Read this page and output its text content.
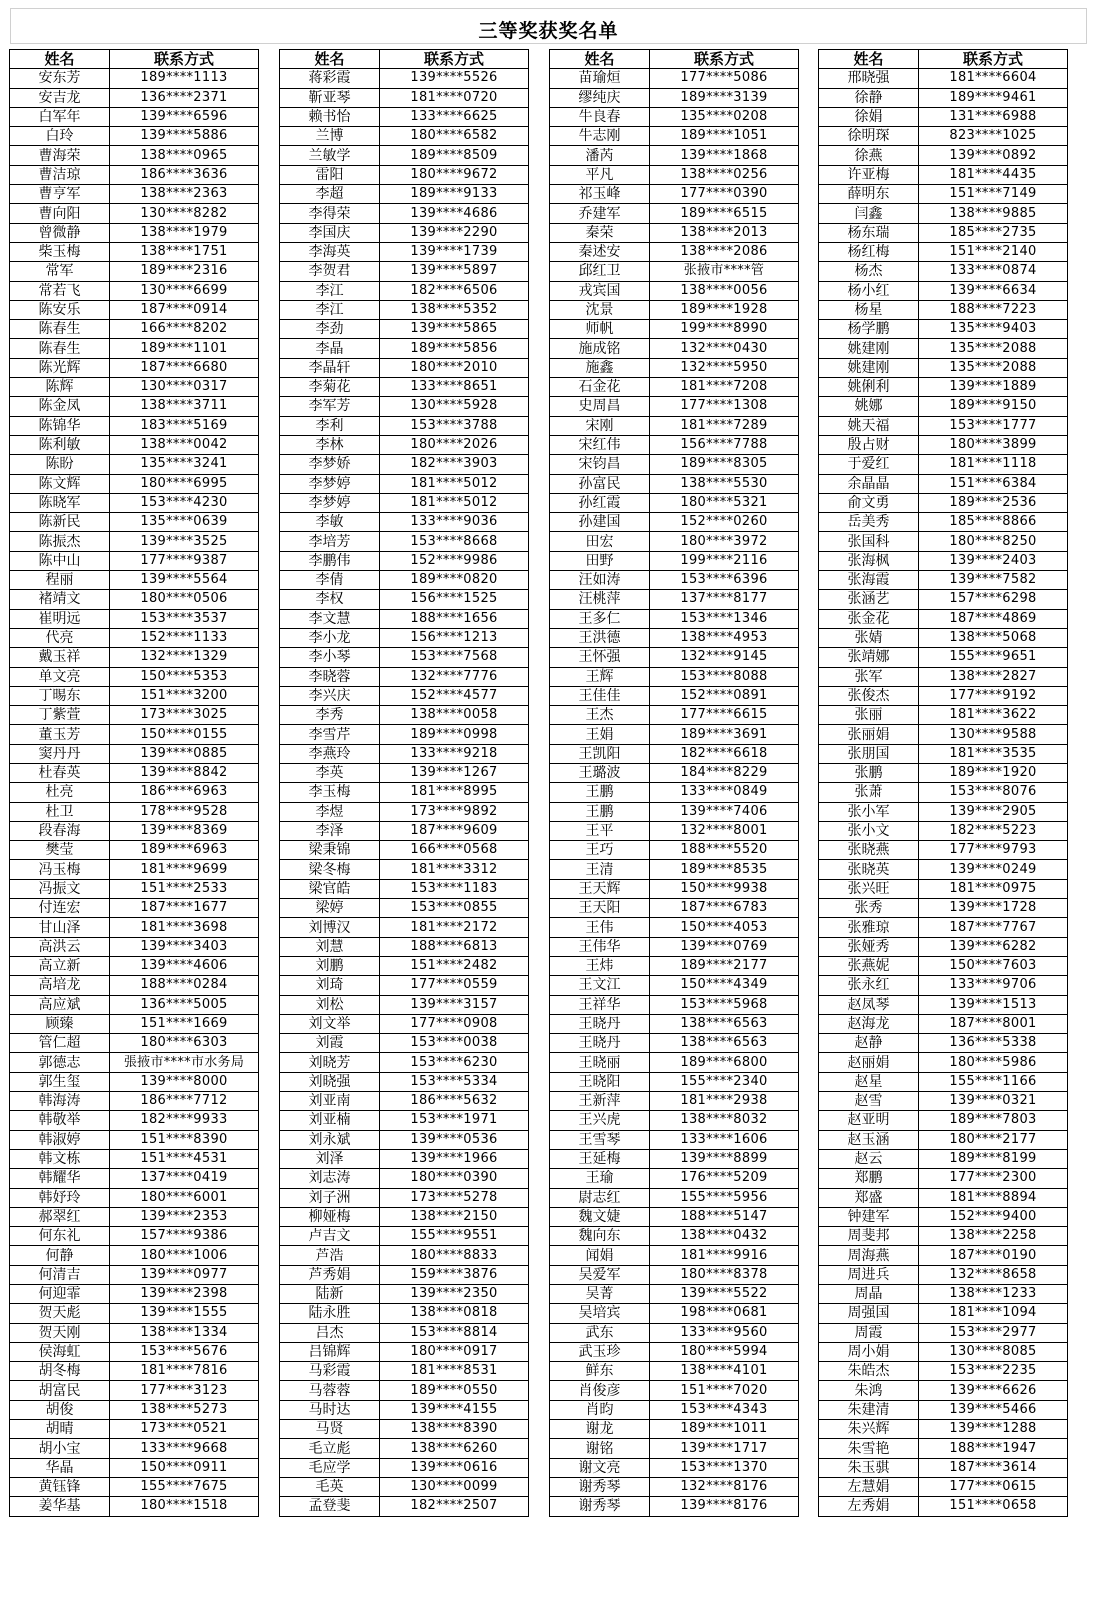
三等奖获奖名单
姓名	联系方式
安东芳	189****1113
安吉龙	136****2371
白军年	139****6596
白玲	139****5886
曹海荣	138****0965
曹洁琼	186****3636
曹亨军	138****2363
曹向阳	130****8282
曾微静	138****1979
柴玉梅	138****1751
常军	189****2316
常若飞	130****6699
陈安乐	187****0914
陈春生	166****8202
陈春生	189****1101
陈光辉	187****6680
陈辉	130****0317
陈金凤	138****3711
陈锦华	183****5169
陈利敏	138****0042
陈盼	135****3241
陈文辉	180****6995
陈晓军	153****4230
陈新民	135****0639
陈振杰	139****3525
陈中山	177****9387
程丽	139****5564
褚靖文	180****0506
崔明远	153****3537
代亮	152****1133
戴玉祥	132****1329
单文亮	150****5353
丁晹东	151****3200
丁紫萱	173****3025
董玉芳	150****0155
窦丹丹	139****0885
杜春英	139****8842
杜亮	186****6963
杜卫	178****9528
段春海	139****8369
樊莹	189****6963
冯玉梅	181****9699
冯振文	151****2533
付连宏	187****1677
甘山泽	181****3698
高洪云	139****3403
高立新	139****4606
高培龙	188****0284
高应斌	136****5005
顾臻	151****1669
管仁超	180****6303
郭德志	張掖市****市水务局
郭生玺	139****8000
韩海涛	186****7712
韩敬举	182****9933
韩淑婷	151****8390
韩文栋	151****4531
韩耀华	137****0419
韩妤玲	180****6001
郝翠红	139****2353
何东礼	157****9386
何静	180****1006
何清吉	139****0977
何迎霏	139****2398
贺天彪	139****1555
贺天刚	138****1334
侯海虹	153****5676
胡冬梅	181****7816
胡富民	177****3123
胡俊	138****5273
胡晴	173****0521
胡小宝	133****9668
华晶	150****0911
黄钰锋	155****7675
姜华基	180****1518
姓名	联系方式
蒋彩霞	139****5526
靳亚琴	181****0720
赖书怡	133****6625
兰博	180****6582
兰敏学	189****8509
雷阳	180****9672
李超	189****9133
李得荣	139****4686
李国庆	139****2290
李海英	139****1739
李贺君	139****5897
李江	182****6506
李江	138****5352
李劲	139****5865
李晶	189****5856
李晶轩	180****2010
李菊花	133****8651
李军芳	130****5928
李利	153****3788
李林	180****2026
李梦娇	182****3903
李梦婷	181****5012
李梦婷	181****5012
李敏	133****9036
李培芳	153****8668
李鹏伟	152****9986
李倩	189****0820
李权	156****1525
李文慧	188****1656
李小龙	156****1213
李小琴	153****7568
李晓蓉	132****7776
李兴庆	152****4577
李秀	138****0058
李雪芹	189****0998
李燕玲	133****9218
李英	139****1267
李玉梅	181****8995
李煜	173****9892
李泽	187****9609
梁秉锦	166****0568
梁冬梅	181****3312
梁官皓	153****1183
梁婷	153****0855
刘博汉	181****2172
刘慧	188****6813
刘鹏	151****2482
刘琦	177****0559
刘松	139****3157
刘文举	177****0908
刘霞	153****0038
刘晓芳	153****6230
刘晓强	153****5334
刘亚南	186****5632
刘亚楠	153****1971
刘永斌	139****0536
刘泽	139****1966
刘志涛	180****0390
刘子洲	173****5278
柳娅梅	138****2150
卢吉文	155****9551
芦浩	180****8833
芦秀娟	159****3876
陆新	139****2350
陆永胜	138****0818
吕杰	153****8814
吕锦辉	180****0917
马彩霞	181****8531
马蓉蓉	189****0550
马时达	139****4155
马贤	138****8390
毛立彪	138****6260
毛应学	139****0616
毛英	130****0099
孟登斐	182****2507
姓名	联系方式
苗瑜烜	177****5086
缪纯庆	189****3139
牛良春	135****0208
牛志刚	189****1051
潘芮	139****1868
平凡	138****0256
祁玉峰	177****0390
乔建军	189****6515
秦荣	138****2013
秦述安	138****2086
邱红卫	张掖市****管
戎宾国	138****0056
沈景	189****1928
师帆	199****8990
施成铭	132****0430
施鑫	132****5950
石金花	181****7208
史周昌	177****1308
宋刚	181****7289
宋红伟	156****7788
宋钧昌	189****8305
孙富民	138****5530
孙红霞	180****5321
孙建国	152****0260
田宏	180****3972
田野	199****2116
汪如涛	153****6396
汪桃萍	137****8177
王多仁	153****1346
王洪德	138****4953
王怀强	132****9145
王辉	153****8088
王佳佳	152****0891
王杰	177****6615
王娟	189****3691
王凯阳	182****6618
王璐波	184****8229
王鹏	133****0849
王鹏	139****7406
王平	132****8001
王巧	188****5520
王清	189****8535
王天辉	150****9938
王天阳	187****6783
王伟	150****4053
王伟华	139****0769
王炜	189****2177
王文江	150****4349
王祥华	153****5968
王晓丹	138****6563
王晓丹	138****6563
王晓丽	189****6800
王晓阳	155****2340
王新萍	181****2938
王兴虎	138****8032
王雪琴	133****1606
王延梅	139****8899
王瑜	176****5209
尉志红	155****5956
魏文婕	188****5147
魏向东	138****0432
闻娟	181****9916
吴爱军	180****8378
吴菁	139****5522
吴培宾	198****0681
武东	133****9560
武玉珍	180****5994
鲜东	138****4101
肖俊彦	151****7020
肖昀	153****4343
谢龙	189****1011
谢铭	139****1717
谢文亮	153****1370
谢秀琴	132****8176
谢秀琴	139****8176
姓名	联系方式
邢晓强	181****6604
徐静	189****9461
徐娟	131****6988
徐明琛	823****1025
徐燕	139****0892
许亚梅	181****4435
薛明东	151****7149
闫鑫	138****9885
杨东瑞	185****2735
杨红梅	151****2140
杨杰	133****0874
杨小红	139****6634
杨星	188****7223
杨学鹏	135****9403
姚建刚	135****2088
姚建刚	135****2088
姚俐利	139****1889
姚娜	189****9150
姚天福	153****1777
殷占财	180****3899
于爱红	181****1118
余晶晶	151****6384
俞文勇	189****2536
岳美秀	185****8866
张国科	180****8250
张海枫	139****2403
张海霞	139****7582
张涵艺	157****6298
张金花	187****4869
张婧	138****5068
张靖娜	155****9651
张军	138****2827
张俊杰	177****9192
张丽	181****3622
张丽娟	130****9588
张朋国	181****3535
张鹏	189****1920
张萧	153****8076
张小军	139****2905
张小文	182****5223
张晓燕	177****9793
张晓英	139****0249
张兴旺	181****0975
张秀	139****1728
张雅琼	187****7767
张娅秀	139****6282
张燕妮	150****7603
张永红	133****9706
赵凤琴	139****1513
赵海龙	187****8001
赵静	136****5338
赵丽娟	180****5986
赵星	155****1166
赵雪	139****0321
赵亚明	189****7803
赵玉涵	180****2177
赵云	189****8199
郑鹏	177****2300
郑盛	181****8894
钟建军	152****9400
周斐邦	138****2258
周海燕	187****0190
周进兵	132****8658
周晶	138****1233
周强国	181****1094
周霞	153****2977
周小娟	130****8085
朱皓杰	153****2235
朱鸿	139****6626
朱建清	139****5466
朱兴辉	139****1288
朱雪艳	188****1947
朱玉骐	187****3614
左慧娟	177****0615
左秀娟	151****0658
